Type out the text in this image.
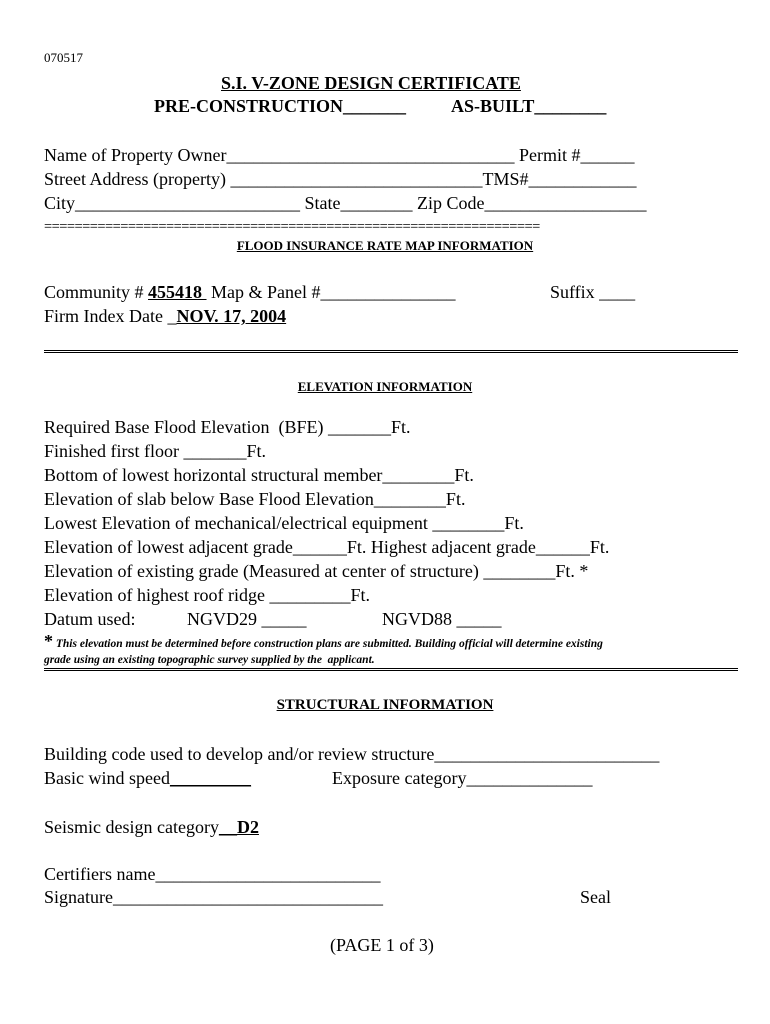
070517
S.I. V-ZONE DESIGN CERTIFICATE
PRE-CONSTRUCTION_______ AS-BUILT________
Name of Property Owner________________________________ Permit #______
Street Address (property) ____________________________TMS#____________
City_________________________ State________ Zip Code__________________
=================================================================
FLOOD INSURANCE RATE MAP INFORMATION
Community # 455418  Map & Panel #_______________	Suffix ____
Firm Index Date _NOV. 17, 2004
ELEVATION INFORMATION
Required Base Flood Elevation  (BFE) _______Ft.
Finished first floor _______Ft.
Bottom of lowest horizontal structural member________Ft.
Elevation of slab below Base Flood Elevation________Ft.
Lowest Elevation of mechanical/electrical equipment ________Ft.
Elevation of lowest adjacent grade______Ft. Highest adjacent grade______Ft.
Elevation of existing grade (Measured at center of structure) ________Ft. *
Elevation of highest roof ridge _________Ft.
Datum used:	NGVD29 _____	NGVD88 _____
* This elevation must be determined before construction plans are submitted. Building official will determine existing
grade using an existing topographic survey supplied by the  applicant.
STRUCTURAL INFORMATION
Building code used to develop and/or review structure_________________________
Basic wind speed_________	Exposure category______________
Seismic design category__D2
Certifiers name_________________________
Signature______________________________	Seal
(PAGE 1 of 3)
